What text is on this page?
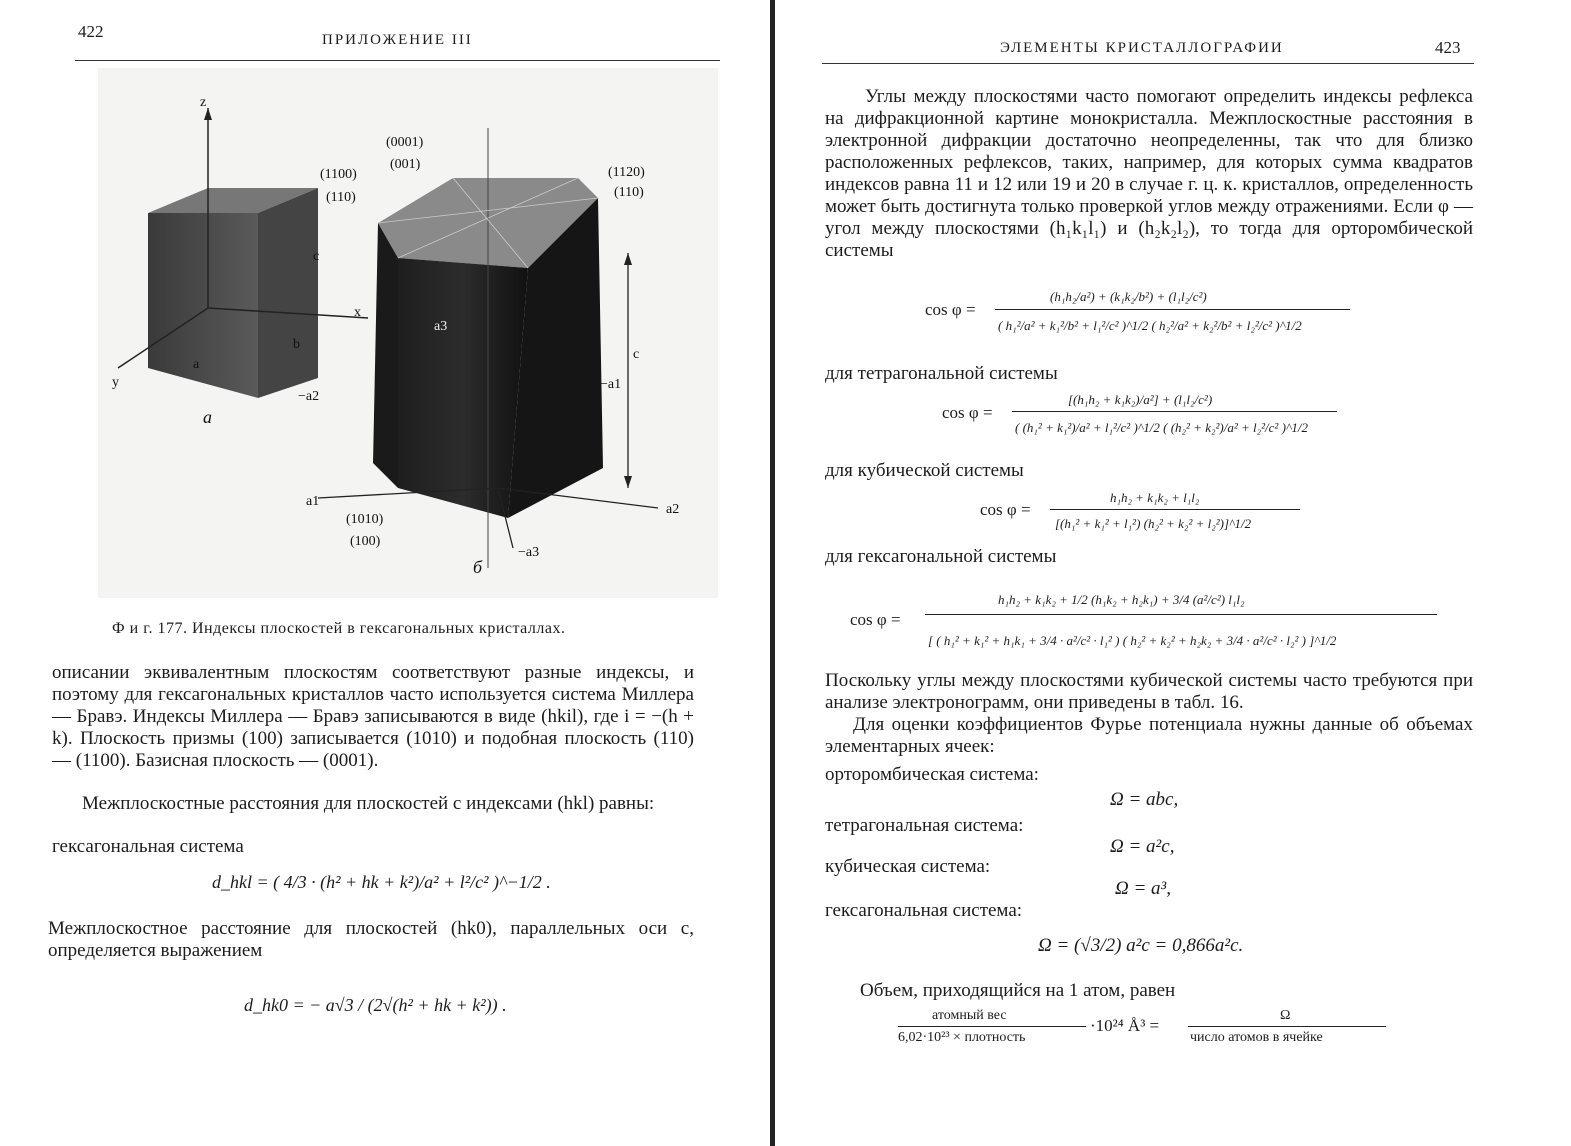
422	ПРИЛОЖЕНИЕ III
z
x
y
a
b
c
a
б
(0001)
(001)
(1100)
(110)
(1120)
(110)
(1010)
(100)
a1
a2
a3
−a1
−a2
−a3
c
Ф и г. 177. Индексы плоскостей в гексагональных кристаллах.
описании эквивалентным плоскостям соответствуют разные индексы, и поэтому для гексагональных кристаллов часто используется система Миллера — Бравэ. Индексы Миллера — Бравэ записываются в виде (hkil), где i = −(h + k). Плоскость призмы (100) записывается (1010) и подобная плоскость (110) — (1100). Базисная плоскость — (0001).
Межплоскостные расстояния для плоскостей с индексами (hkl) равны:
гексагональная система
d_hkl = ( 4/3 · (h² + hk + k²)/a² + l²/c² )^−1/2 .
Межплоскостное расстояние для плоскостей (hk0), параллельных оси c, определяется выражением
d_hk0 = − a√3 / (2√(h² + hk + k²)) .
ЭЛЕМЕНТЫ КРИСТАЛЛОГРАФИИ	423
Углы между плоскостями часто помогают определить индексы рефлекса на дифракционной картине монокристалла. Межплоскостные расстояния в электронной дифракции достаточно неопределенны, так что для близко расположенных рефлексов, таких, например, для которых сумма квадратов индексов равна 11 и 12 или 19 и 20 в случае г. ц. к. кристаллов, определенность может быть достигнута только проверкой углов между отражениями. Если φ — угол между плоскостями (h₁k₁l₁) и (h₂k₂l₂), то тогда для орторомбической системы
cos φ =
(h₁h₂/a²) + (k₁k₂/b²) + (l₁l₂/c²)
( h₁²/a² + k₁²/b² + l₁²/c² )^1/2 ( h₂²/a² + k₂²/b² + l₂²/c² )^1/2
для тетрагональной системы
cos φ =
[(h₁h₂ + k₁k₂)/a²] + (l₁l₂/c²)
( (h₁² + k₁²)/a² + l₁²/c² )^1/2 ( (h₂² + k₂²)/a² + l₂²/c² )^1/2
для кубической системы
cos φ =
h₁h₂ + k₁k₂ + l₁l₂
[(h₁² + k₁² + l₁²) (h₂² + k₂² + l₂²)]^1/2
для гексагональной системы
cos φ =
h₁h₂ + k₁k₂ + 1/2 (h₁k₂ + h₂k₁) + 3/4 (a²/c²) l₁l₂
[ ( h₁² + k₁² + h₁k₁ + 3/4 · a²/c² · l₁² ) ( h₂² + k₂² + h₂k₂ + 3/4 · a²/c² · l₂² ) ]^1/2
Поскольку углы между плоскостями кубической системы часто требуются при анализе электронограмм, они приведены в табл. 16.
Для оценки коэффициентов Фурье потенциала нужны данные об объемах элементарных ячеек:
орторомбическая система:
Ω = abc,
тетрагональная система:
Ω = a²c,
кубическая система:
Ω = a³,
гексагональная система:
Ω = (√3/2) a²c = 0,866a²c.
Объем, приходящийся на 1 атом, равен
атомный вес
6,02·10²³ × плотность
·10²⁴ Å³ =
Ω
число атомов в ячейке
